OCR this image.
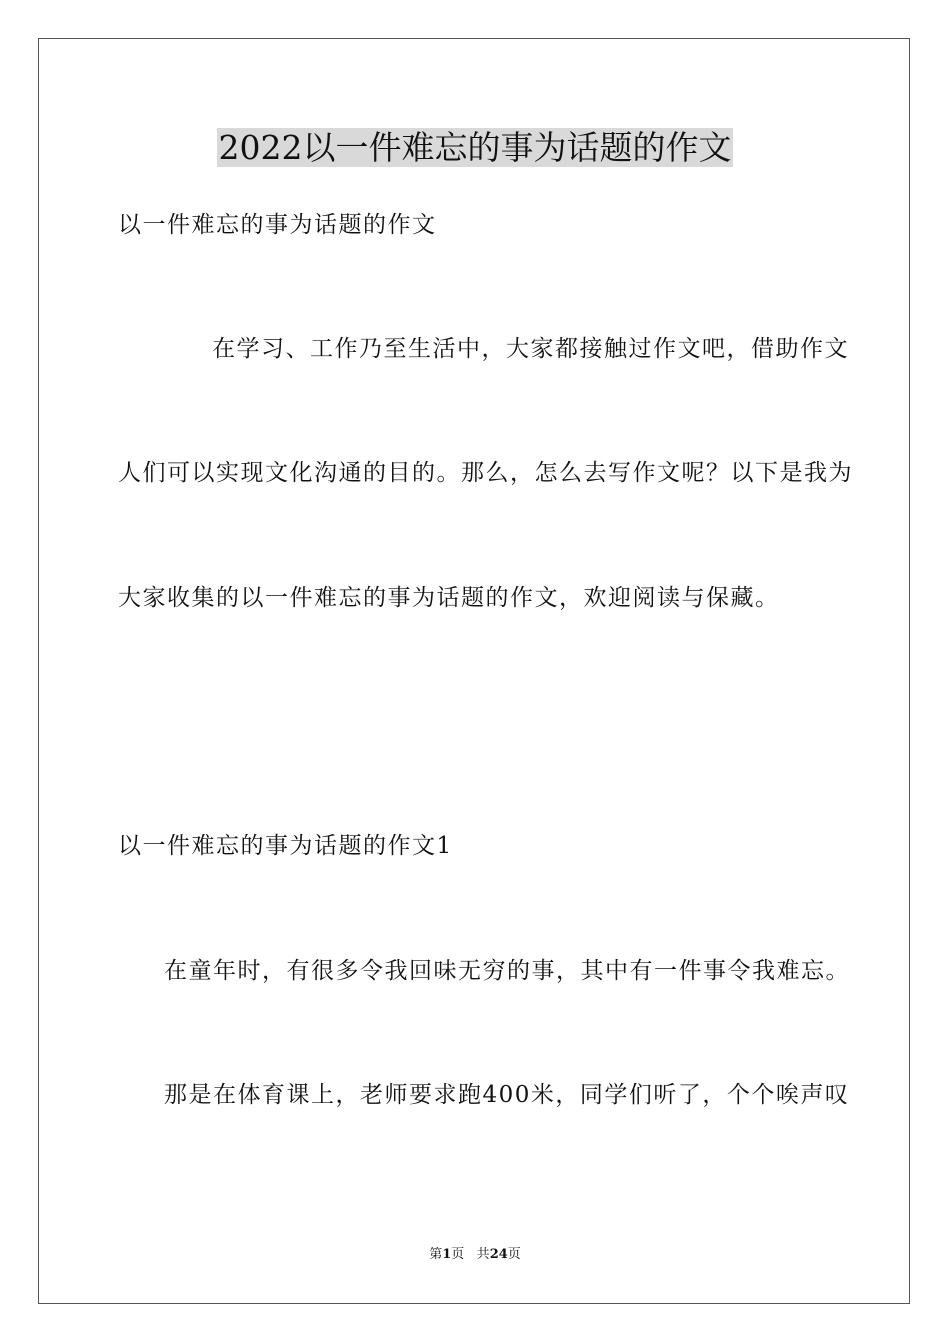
2022以一件难忘的事为话题的作文

以一件难忘的事为话题的作文

在学习、工作乃至生活中，大家都接触过作文吧，借助作文

人们可以实现文化沟通的目的。那么，怎么去写作文呢？以下是我为

大家收集的以一件难忘的事为话题的作文，欢迎阅读与保藏。

以一件难忘的事为话题的作文1

在童年时，有很多令我回味无穷的事，其中有一件事令我难忘。

那是在体育课上，老师要求跑400米，同学们听了，个个唉声叹

第1页 共24页
